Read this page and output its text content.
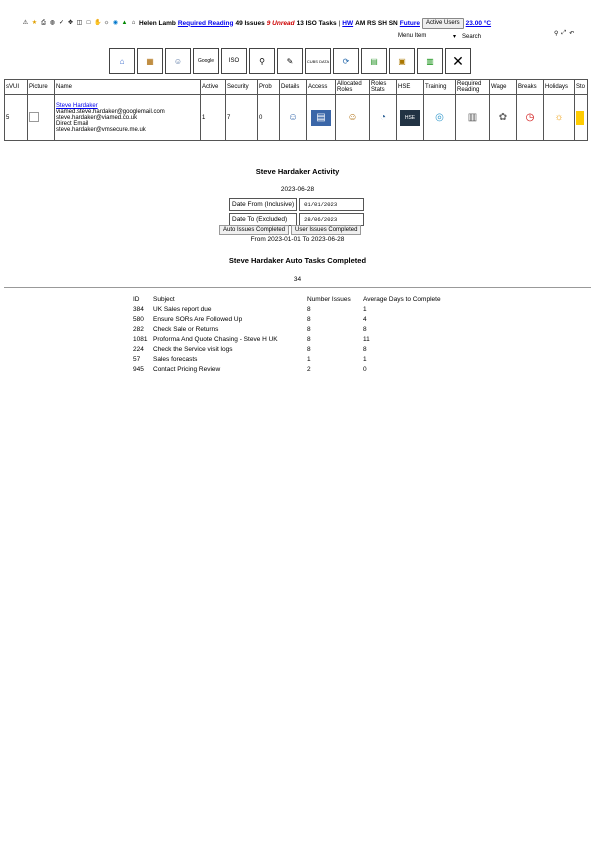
⚠ ★ ⎙ ◍ ✓ ✥ ◫ □ ✋ ☼ ◉ ▲ ⌂ Helen Lamb Required Reading 49 Issues 9 Unread 13 ISO Tasks | HW AM RS SH SN Future	Active Users 23.00 °C
Menu Item	▾ Search	⚲ ⤢ ↶
⌂	▦	☺	Google	ISO	⚲	✎	CUBS DATA	⟳	▤	▣	▥	✕
sVUI	Picture	Name	Active	Security	Prob	Details	Access	Allocated Roles	Roles Stats	HSE	Training	Required Reading	Wage	Breaks	Holidays	Sto
5		Steve Hardaker
viamed.steve.hardaker@googlemail.com
steve.hardaker@viamed.co.uk
Direct Email
steve.hardaker@vmsecure.me.uk	1	7	0	☺	▤	☺	◔	HSE	◎	▥	✿	◷	☼	

Steve Hardaker Activity
2023-06-28
Date From (Inclusive)	01/01/2023
Date To (Excluded)	28/06/2023
Auto Issues Completed	User Issues Completed
From 2023-01-01 To 2023-06-28
Steve Hardaker Auto Tasks Completed
34
ID	Subject	Number Issues	Average Days to Complete
384	UK Sales report due	8	1
580	Ensure SORs Are Followed Up	8	4
282	Check Sale or Returns	8	8
1081	Proforma And Quote Chasing - Steve H UK	8	11
224	Check the Service visit logs	8	8
57	Sales forecasts	1	1
945	Contact Pricing Review	2	0
